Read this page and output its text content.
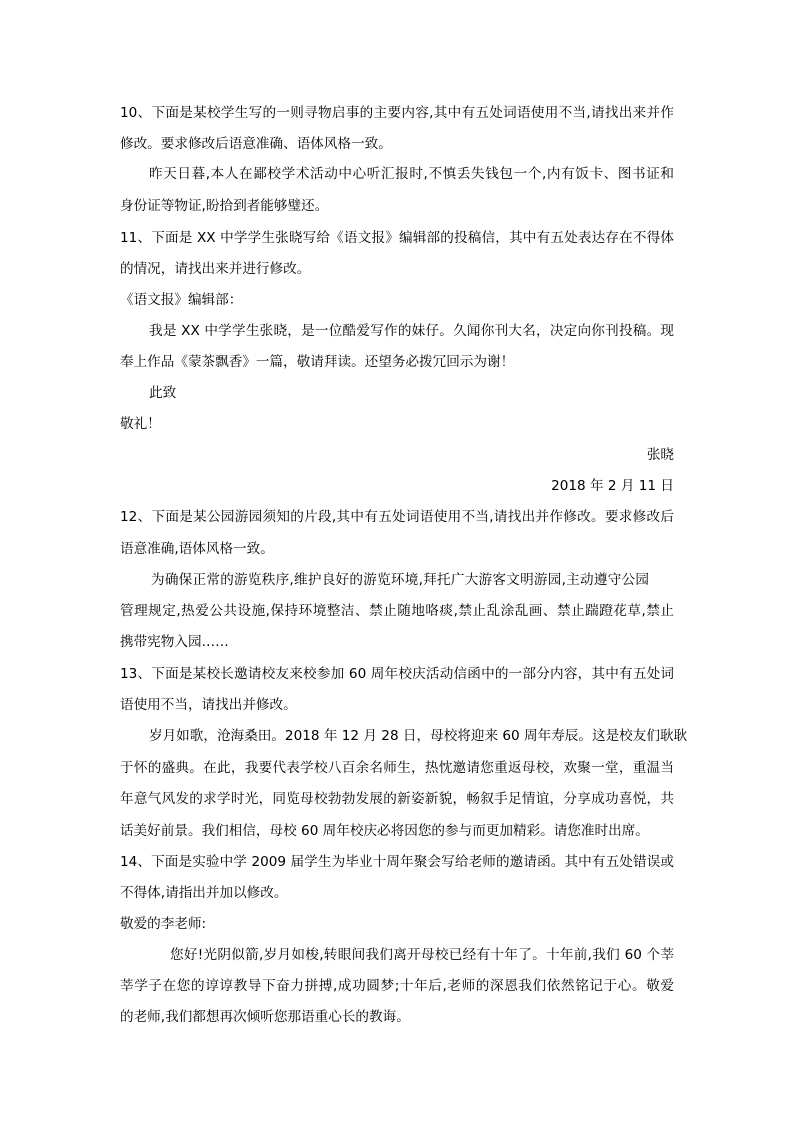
10、下面是某校学生写的一则寻物启事的主要内容,其中有五处词语使用不当,请找出来并作
修改。要求修改后语意准确、语体风格一致。
昨天日暮,本人在鄙校学术活动中心听汇报时,不慎丢失钱包一个,内有饭卡、图书证和
身份证等物证,盼拾到者能够璧还。
11、下面是 XX 中学学生张晓写给《语文报》编辑部的投稿信，其中有五处表达存在不得体
的情况，请找出来并进行修改。
《语文报》编辑部：
我是 XX 中学学生张晓，是一位酷爱写作的妹仔。久闻你刊大名，决定向你刊投稿。现
奉上作品《蒙茶飘香》一篇，敬请拜读。还望务必拨冗回示为谢！
此致
敬礼！
张晓
2018 年 2 月 11 日
12、下面是某公园游园须知的片段,其中有五处词语使用不当,请找出并作修改。要求修改后
语意准确,语体风格一致。
为确保正常的游览秩序,维护良好的游览环境,拜托广大游客文明游园,主动遵守公园
管理规定,热爱公共设施,保持环境整洁、禁止随地咯痰,禁止乱涂乱画、禁止踹蹬花草,禁止
携带宪物入园……
13、下面是某校长邀请校友来校参加 60 周年校庆活动信函中的一部分内容，其中有五处词
语使用不当，请找出并修改。
岁月如歌，沧海桑田。2018 年 12 月 28 日，母校将迎来 60 周年寿辰。这是校友们耿耿
于怀的盛典。在此，我要代表学校八百余名师生，热忱邀请您重返母校，欢聚一堂，重温当
年意气风发的求学时光，同览母校勃勃发展的新姿新貌，畅叙手足情谊，分享成功喜悦，共
话美好前景。我们相信，母校 60 周年校庆必将因您的参与而更加精彩。请您准时出席。
14、下面是实验中学 2009 届学生为毕业十周年聚会写给老师的邀请函。其中有五处错误或
不得体,请指出并加以修改。
敬爱的李老师:
您好!光阴似箭,岁月如梭,转眼间我们离开母校已经有十年了。十年前,我们 60 个莘
莘学子在您的谆谆教导下奋力拼搏,成功圆梦;十年后,老师的深恩我们依然铭记于心。敬爱
的老师,我们都想再次倾听您那语重心长的教诲。
